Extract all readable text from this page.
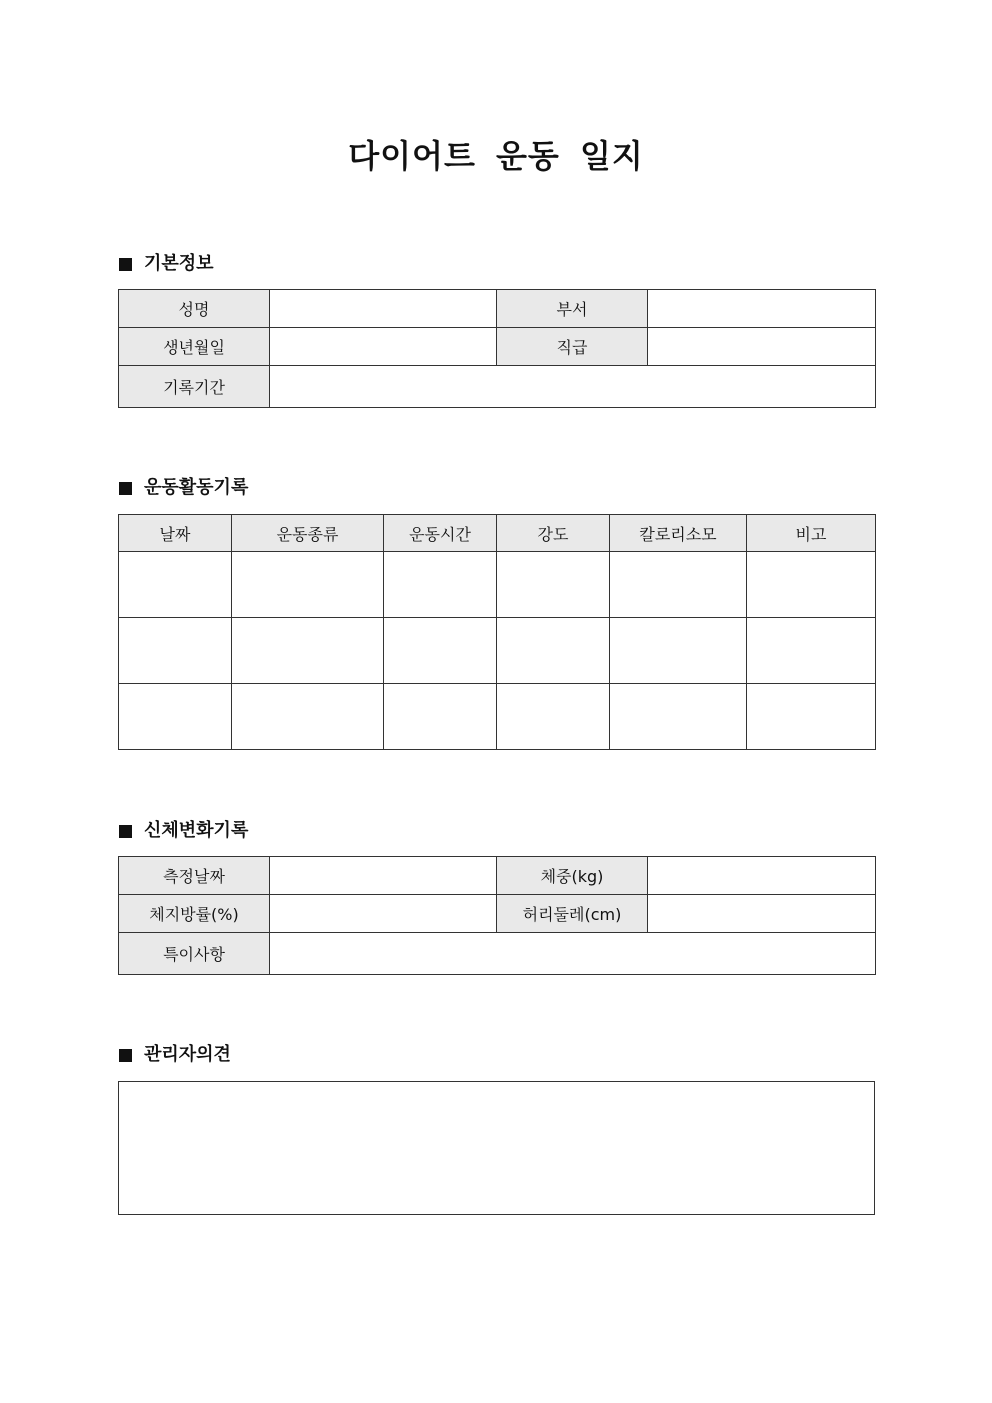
다이어트 운동 일지
기본정보
성명		부서	
생년월일		직급	
기록기간			
운동활동기록
날짜	운동종류	운동시간	강도	칼로리소모	비고

신체변화기록
측정날짜		체중(kg)	
체지방률(%)		허리둘레(cm)	
특이사항			
관리자의견
